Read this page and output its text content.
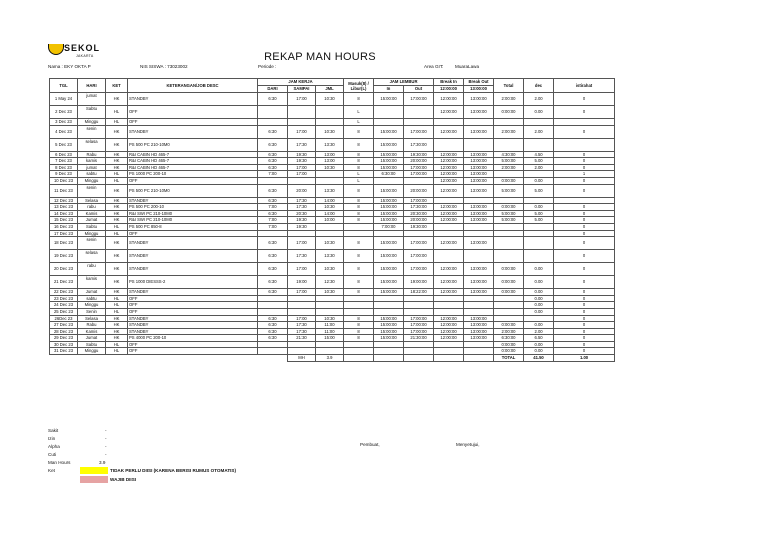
SEKOL
JAKARTA	REKAP MAN HOURS
Nama : EKY OKTA P	NIS SISWA : 73023002	Periode :	Area GIT:	MuaraLawa
TGL	HARI	KET	KETERANGAN/JOB DESC	JAM KERJA			Masuk(8) / Libur(L)	JAM LEMBUR		Break In	Break Out	Total	dec	istirahat
				DARI	SAMPAI	JML		In	Out	12:00:00	13:00:00			
1 May 24	jumat	HK	STANDBY	6:30	17:00	10:30	8	15:00:00	17:00:00	12:00:00	13:00:00	2:00:00	2.00	0
2 Dec 23	Sabtu	HL	OFF				L			12:00:00	13:00:00	0:00:00	0.00	0
3 Dec 23	Minggu	HL	OFF				L							
4 Dec 23	senin	HK	STANDBY	6:30	17:00	10:30	8	15:00:00	17:00:00	12:00:00	13:00:00	2:00:00	2.00	0
5 Dec 23	selasa	HK	PS 500 PC 210-10M0	6:30	17:30	13:30	8	15:00:00	17:30:00					
6 Dec 23	Rabu	HK	R&I CABIN HD 465-7	6:30	19:30	13:00	8	15:00:00	19:30:00	12:00:00	13:00:00	4:30:00	4.50	0
7 Dec 23	kamis	HK	R&I CABIN HD 465-7	6:30	19:30	13:00	8	15:00:00	20:00:00	12:00:00	13:00:00	5:00:00	5.00	0
8 Dec 23	jumat	HK	R&I CABIN HD 465-7	6:30	17:00	10:30	8	15:00:00	17:00:00	12:00:00	13:00:00	2:00:00	2.00	0
9 Dec 23	sabtu	HL	PS 1000 PC 200-10	7:00	17:00		L	6:30:00	17:00:00	12:00:00	13:00:00			1
10 Dec 23	Minggu	HL	OFF				L			12:00:00	13:00:00	0:00:00	0.00	0
11 Dec 23	senin	HK	PS 500 PC 210-10M0	6:30	20:00	13:30	8	15:00:00	20:00:00	12:00:00	13:00:00	5:00:00	5.00	0
12 Dec 23	Selasa	HK	STANDBY	6:30	17:30	14:00	8	15:00:00	17:00:00					
13 Dec 23	rabu	HK	PS 500 PC 200-10	7:00	17:30	10:30	8	15:00:00	17:30:00	12:00:00	13:00:00	0:00:00	0.00	0
14 Dec 23	Kamis	HK	R&I SWI PC 210-10M0	6:30	20:30	14:00	8	15:00:00	20:30:00	12:00:00	13:00:00	5:00:00	5.00	0
15 Dec 23	Jumat	HK	R&I SWI PC 210-10M0	7:00	19:30	10:00	8	15:00:00	20:00:00	12:00:00	13:00:00	5:00:00	5.00	0
16 Dec 23	Sabtu	HL	PS 500 PC 850-8	7:00	19:30			7:00:00	19:30:00					0
17 Dec 23	Minggu	HL	OFF											0
18 Dec 23	senin	HK	STANDBY	6:30	17:00	10:30	8	15:00:00	17:00:00	12:00:00	13:00:00			0
19 Dec 23	selasa	HK	STANDBY	6:30	17:30	13:30	8	15:00:00	17:00:00					0
20 Dec 23	rabu	HK	STANDBY	6:30	17:00	10:30	8	15:00:00	17:00:00	12:00:00	13:00:00	0:00:00	0.00	0
21 Dec 23	kamis	HK	PS 1000 DIESSS-2	6:30	19:00	12:30	8	15:00:00	19:00:00	12:00:00	13:00:00	0:00:00	0.00	0
22 Dec 23	Jumat	HK	STANDBY	6:30	17:00	10:30	8	15:00:00	18:22:00	12:00:00	13:00:00	0:00:00	0.00	0
23 Dec 23	sabtu	HL	OFF										0.00	0
24 Dec 23	Minggu	HL	OFF										0.00	0
25 Dec 23	Senin	HL	OFF										0.00	0
26Dec 23	Selasa	HK	STANDBY	6:30	17:00	10:30	8	15:00:00	17:00:00	12:00:00	13:00:00			0
27 Dec 23	Rabu	HK	STANDBY	6:30	17:30	11:00	8	15:00:00	17:00:00	12:00:00	13:00:00	0:00:00	0.00	0
28 Dec 23	Kamis	HK	STANDBY	6:30	17:30	11:00	8	15:00:00	17:00:00	12:00:00	13:00:00	2:00:00	2.00	0
29 Dec 23	Jumat	HK	PS 4000 PC 200-10	6:30	21:30	15:00	8	15:00:00	21:30:00	12:00:00	13:00:00	6:30:00	6.50	0
30 Dec 23	Sabtu	HL	OFF									0:00:00	0.00	0
31 Dec 23	Minggu	HL	OFF									0:00:00	0.00	0
					MH	3.9						TOTAL	41.50	1.00
Sakit	-
Izin	-
Alpha	-
Cuti	-
Man Hours	3.9
Ket	TIDAK PERLU DIISI (KARENA BERISI RUMUS OTOMATIS)
WAJIB DIISI
Pembuat,	Menyetujui,
